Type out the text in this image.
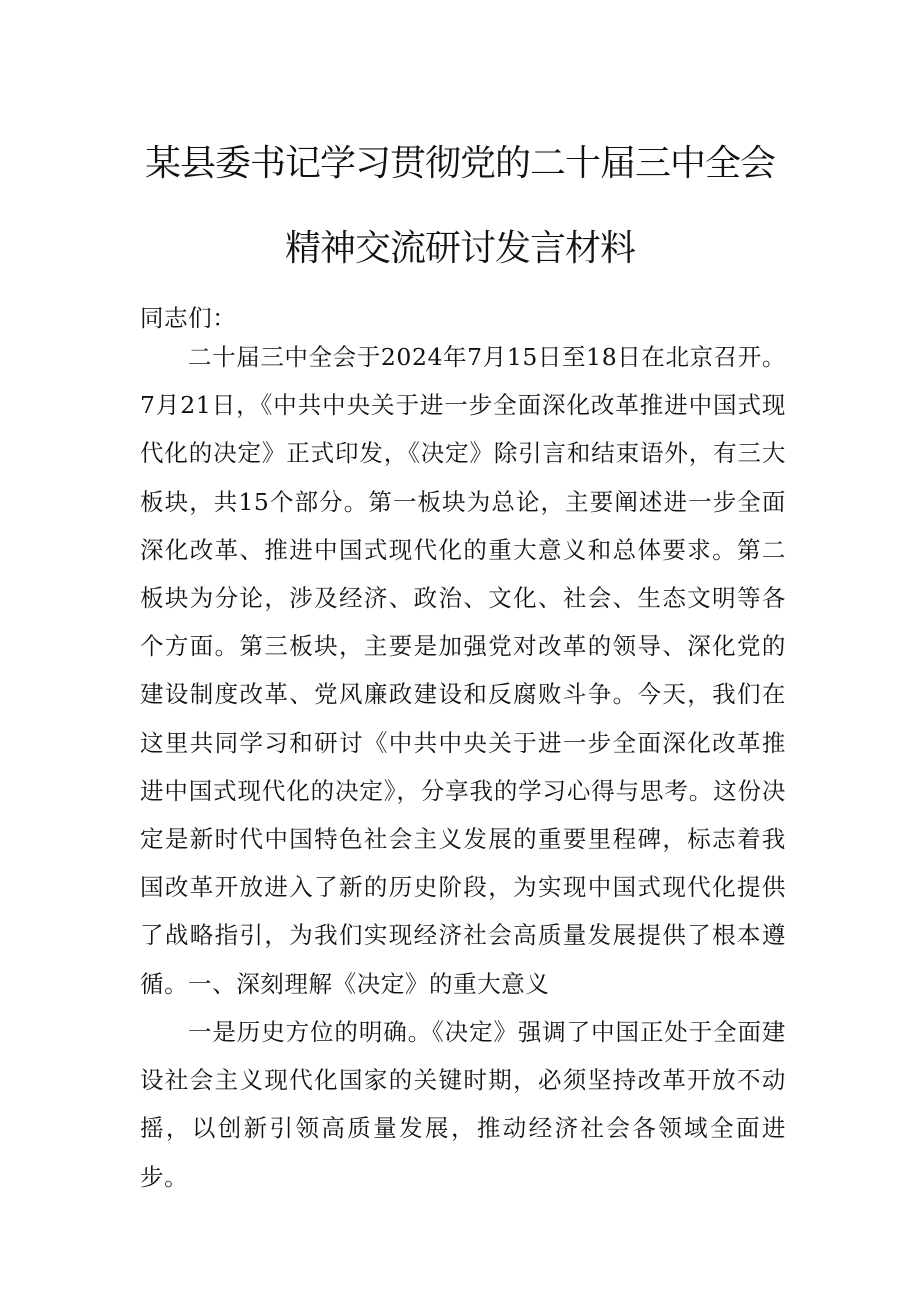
某县委书记学习贯彻党的二十届三中全会
精神交流研讨发言材料

同志们：

二十届三中全会于2024年7月15日至18日在北京召开。7月21日，《中共中央关于进一步全面深化改革推进中国式现代化的决定》正式印发，《决定》除引言和结束语外，有三大板块，共15个部分。第一板块为总论，主要阐述进一步全面深化改革、推进中国式现代化的重大意义和总体要求。第二板块为分论，涉及经济、政治、文化、社会、生态文明等各个方面。第三板块，主要是加强党对改革的领导、深化党的建设制度改革、党风廉政建设和反腐败斗争。今天，我们在这里共同学习和研讨《中共中央关于进一步全面深化改革推进中国式现代化的决定》，分享我的学习心得与思考。这份决定是新时代中国特色社会主义发展的重要里程碑，标志着我国改革开放进入了新的历史阶段，为实现中国式现代化提供了战略指引，为我们实现经济社会高质量发展提供了根本遵循。 一、深刻理解《决定》的重大意义

一是历史方位的明确。《决定》强调了中国正处于全面建设社会主义现代化国家的关键时期，必须坚持改革开放不动摇，以创新引领高质量发展，推动经济社会各领域全面进步。
